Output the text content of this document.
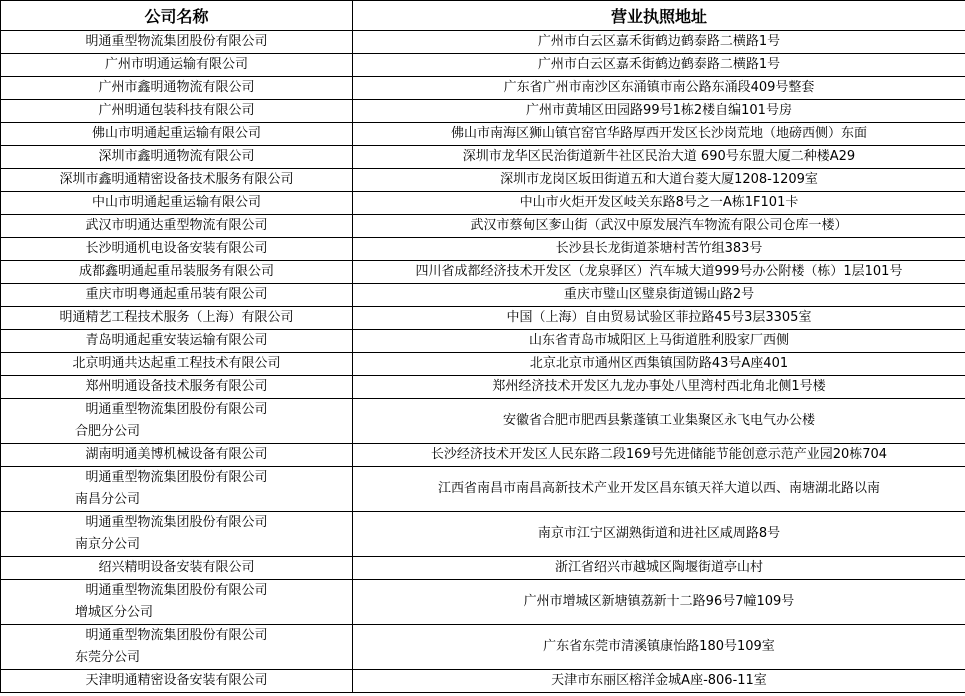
公司名称	营业执照地址

明通重型物流集团股份有限公司	广州市白云区嘉禾街鹤边鹤泰路二横路1号

广州市明通运输有限公司	广州市白云区嘉禾街鹤边鹤泰路二横路1号

广州市鑫明通物流有限公司	广东省广州市南沙区东涌镇市南公路东涌段409号整套

广州明通包装科技有限公司	广州市黄埔区田园路99号1栋2楼自编101号房

佛山市明通起重运输有限公司	佛山市南海区狮山镇官窑官华路厚西开发区长沙岗荒地（地磅西侧）东面

深圳市鑫明通物流有限公司	深圳市龙华区民治街道新牛社区民治大道 690号东盟大厦二种楼A29

深圳市鑫明通精密设备技术服务有限公司	深圳市龙岗区坂田街道五和大道台菱大厦1208-1209室

中山市明通起重运输有限公司	中山市火炬开发区岐关东路8号之一A栋1F101卡

武汉市明通达重型物流有限公司	武汉市蔡甸区奓山街（武汉中原发展汽车物流有限公司仓库一楼）

长沙明通机电设备安装有限公司	长沙县长龙街道茶塘村苦竹组383号

成都鑫明通起重吊装服务有限公司	四川省成都经济技术开发区（龙泉驿区）汽车城大道999号办公附楼（栋）1层101号

重庆市明粤通起重吊装有限公司	重庆市璧山区璧泉街道锡山路2号

明通精艺工程技术服务（上海）有限公司	中国（上海）自由贸易试验区菲拉路45号3层3305室

青岛明通起重安装运输有限公司	山东省青岛市城阳区上马街道胜利股家厂西侧

北京明通共达起重工程技术有限公司	北京北京市通州区西集镇国防路43号A座401

郑州明通设备技术服务有限公司	郑州经济技术开发区九龙办事处八里湾村西北角北侧1号楼

明通重型物流集团股份有限公司
合肥分公司	安徽省合肥市肥西县紫蓬镇工业集聚区永飞电气办公楼

湖南明通美博机械设备有限公司	长沙经济技术开发区人民东路二段169号先进储能节能创意示范产业园20栋704

明通重型物流集团股份有限公司
南昌分公司	江西省南昌市南昌高新技术产业开发区昌东镇天祥大道以西、南塘湖北路以南

明通重型物流集团股份有限公司
南京分公司	南京市江宁区湖熟街道和进社区咸周路8号

绍兴精明设备安装有限公司	浙江省绍兴市越城区陶堰街道亭山村

明通重型物流集团股份有限公司
增城区分公司	广州市增城区新塘镇荔新十二路96号7幢109号

明通重型物流集团股份有限公司
东莞分公司	广东省东莞市清溪镇康怡路180号109室

天津明通精密设备安装有限公司	天津市东丽区榕洋金城A座-806-11室
